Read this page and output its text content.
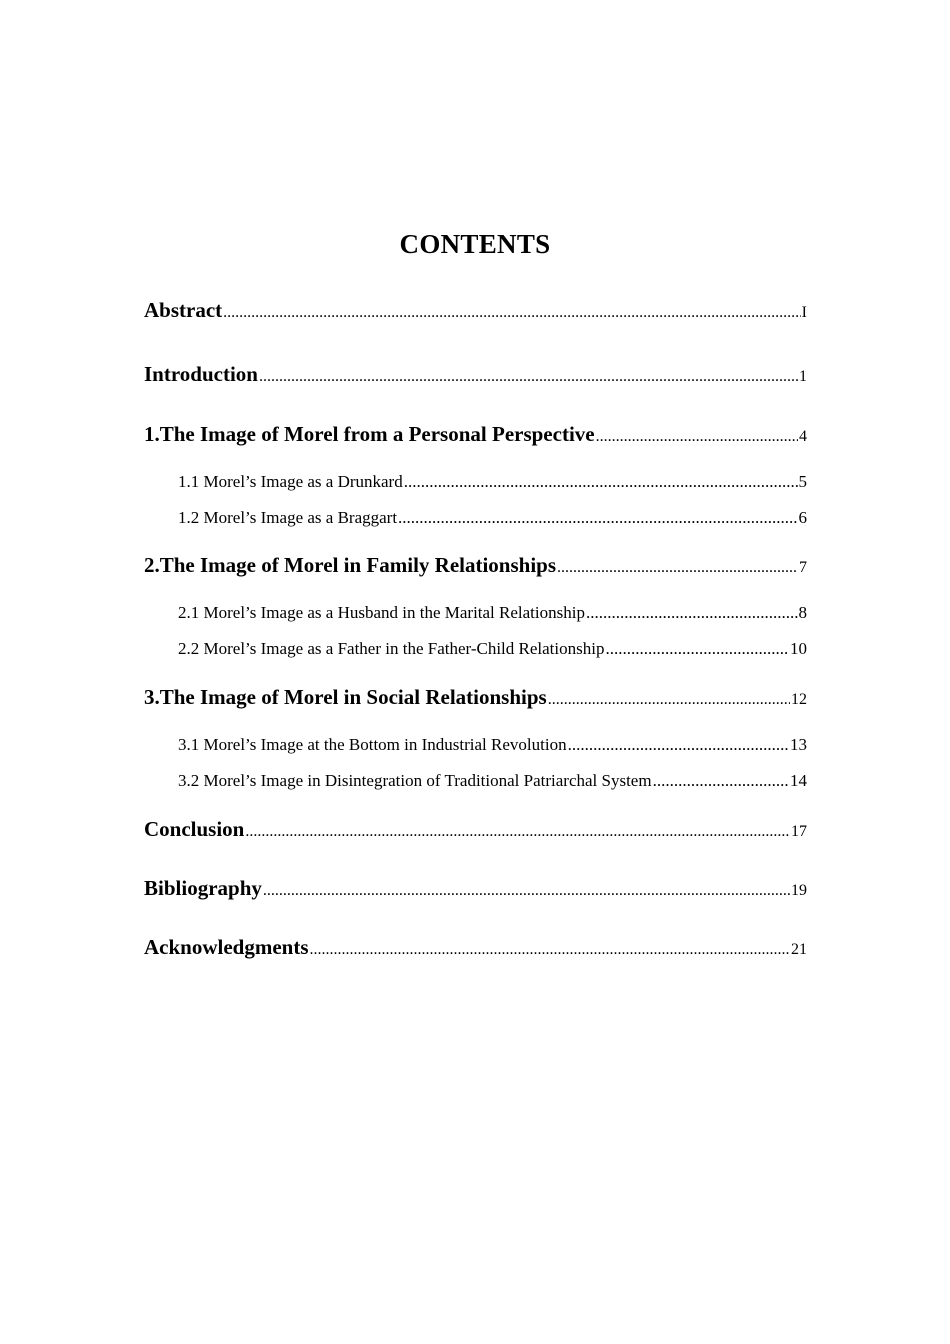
CONTENTS
Abstract .....	I
Introduction .....	1
1. The Image of Morel from a Personal Perspective .....	4
1.1 Morel’s Image as a Drunkard .....	5
1.2 Morel’s Image as a Braggart .....	6
2. The Image of Morel in Family Relationships .....	7
2.1 Morel’s Image as a Husband in the Marital Relationship .....	8
2.2 Morel’s Image as a Father in the Father-Child Relationship .....	10
3. The Image of Morel in Social Relationships .....	12
3.1 Morel’s Image at the Bottom in Industrial Revolution .....	13
3.2 Morel’s Image in Disintegration of Traditional Patriarchal System .....	14
Conclusion .....	17
Bibliography .....	19
Acknowledgments .....	21
